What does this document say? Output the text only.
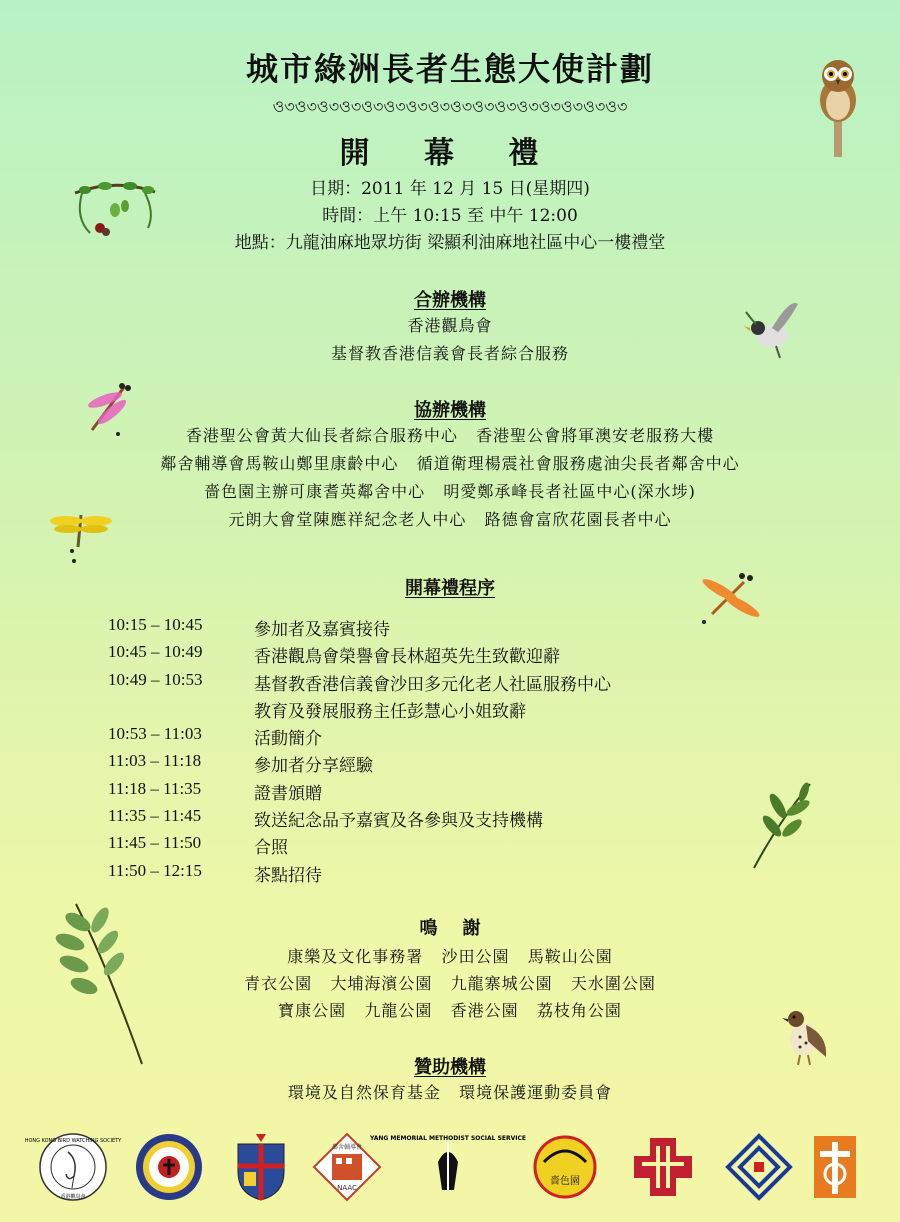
城市綠洲長者生態大使計劃
ও৩ও৩ও৩ও৩ও৩ও৩ও৩ও৩ও৩ও৩ও৩ও৩ও৩ও৩ও৩ও৩
開 幕 禮
日期：2011 年 12 月 15 日(星期四)
時間：上午 10:15 至 中午 12:00
地點：九龍油麻地眾坊街 梁顯利油麻地社區中心一樓禮堂
合辦機構
香港觀鳥會
基督教香港信義會長者綜合服務
協辦機構
香港聖公會黃大仙長者綜合服務中心   香港聖公會將軍澳安老服務大樓
鄰舍輔導會馬鞍山鄭里康齡中心   循道衛理楊震社會服務處油尖長者鄰舍中心
嗇色園主辦可康耆英鄰舍中心   明愛鄭承峰長者社區中心(深水埗)
元朗大會堂陳應祥紀念老人中心   路德會富欣花園長者中心
開幕禮程序
10:15 – 10:45	參加者及嘉賓接待
10:45 – 10:49	香港觀鳥會榮譽會長林超英先生致歡迎辭
10:49 – 10:53	基督教香港信義會沙田多元化老人社區服務中心
教育及發展服務主任彭慧心小姐致辭
10:53 – 11:03	活動簡介
11:03 – 11:18	參加者分享經驗
11:18 – 11:35	證書頒贈
11:35 – 11:45	致送紀念品予嘉賓及各參與及支持機構
11:45 – 11:50	合照
11:50 – 12:15	茶點招待
鳴    謝
康樂及文化事務署   沙田公園   馬鞍山公園
青衣公園   大埔海濱公園   九龍寨城公園   天水圍公園
寶康公園   九龍公園   香港公園   荔枝角公園
贊助機構
環境及自然保育基金   環境保護運動委員會
HONG KONG BIRD WATCHING SOCIETY
香港觀鳥會
鄰舍輔導會
NAAC
YANG MEMORIAL METHODIST SOCIAL SERVICE
嗇色園
